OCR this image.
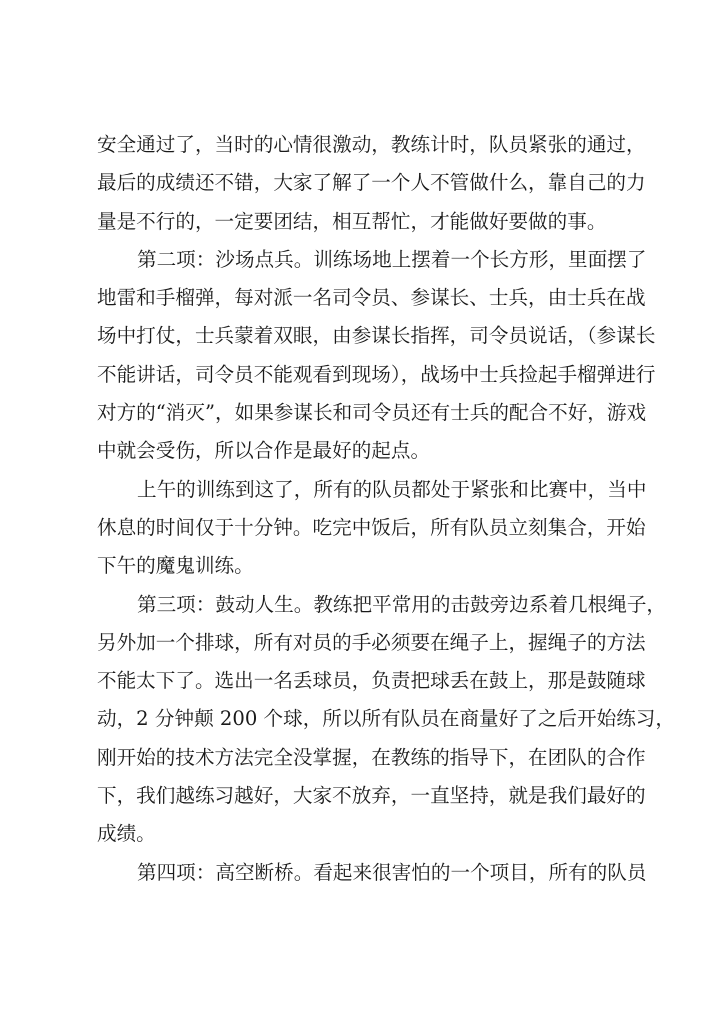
安全通过了，当时的心情很激动，教练计时，队员紧张的通过，
最后的成绩还不错，大家了解了一个人不管做什么，靠自己的力
量是不行的，一定要团结，相互帮忙，才能做好要做的事。
第二项：沙场点兵。训练场地上摆着一个长方形，里面摆了
地雷和手榴弹，每对派一名司令员、参谋长、士兵，由士兵在战
场中打仗，士兵蒙着双眼，由参谋长指挥，司令员说话，（参谋长
不能讲话，司令员不能观看到现场），战场中士兵捡起手榴弹进行
对方的“消灭”，如果参谋长和司令员还有士兵的配合不好，游戏
中就会受伤，所以合作是最好的起点。
上午的训练到这了，所有的队员都处于紧张和比赛中，当中
休息的时间仅于十分钟。吃完中饭后，所有队员立刻集合，开始
下午的魔鬼训练。
第三项：鼓动人生。教练把平常用的击鼓旁边系着几根绳子，
另外加一个排球，所有对员的手必须要在绳子上，握绳子的方法
不能太下了。选出一名丢球员，负责把球丢在鼓上，那是鼓随球
动，2 分钟颠 200 个球，所以所有队员在商量好了之后开始练习，
刚开始的技术方法完全没掌握，在教练的指导下，在团队的合作
下，我们越练习越好，大家不放弃，一直坚持，就是我们最好的
成绩。
第四项：高空断桥。看起来很害怕的一个项目，所有的队员
